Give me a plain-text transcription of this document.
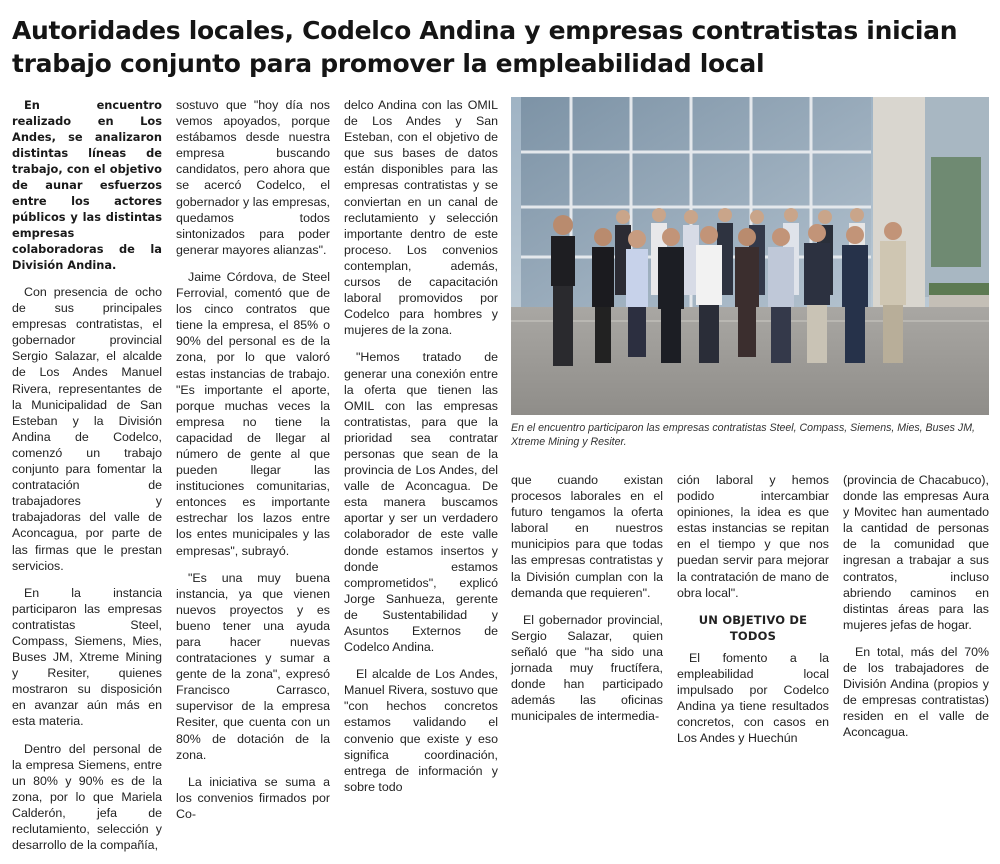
Autoridades locales, Codelco Andina y empresas contratistas inician trabajo conjunto para promover la empleabilidad local

En encuentro realizado en Los Andes, se analizaron distintas líneas de trabajo, con el objetivo de aunar esfuerzos entre los actores públicos y las distintas empresas colaboradoras de la División Andina.

Con presencia de ocho de sus principales empresas contratistas, el gobernador provincial Sergio Salazar, el alcalde de Los Andes Manuel Rivera, representantes de la Municipalidad de San Esteban y la División Andina de Codelco, comenzó un trabajo conjunto para fomentar la contratación de trabajadores y trabajadoras del valle de Aconcagua, por parte de las firmas que le prestan servicios.

En la instancia participaron las empresas contratistas Steel, Compass, Siemens, Mies, Buses JM, Xtreme Mining y Resiter, quienes mostraron su disposición en avanzar aún más en esta materia.

Dentro del personal de la empresa Siemens, entre un 80% y 90% es de la zona, por lo que Mariela Calderón, jefa de reclutamiento, selección y desarrollo de la compañía,

sostuvo que "hoy día nos vemos apoyados, porque estábamos desde nuestra empresa buscando candidatos, pero ahora que se acercó Codelco, el gobernador y las empresas, quedamos todos sintonizados para poder generar mayores alianzas".

Jaime Córdova, de Steel Ferrovial, comentó que de los cinco contratos que tiene la empresa, el 85% o 90% del personal es de la zona, por lo que valoró estas instancias de trabajo. "Es importante el aporte, porque muchas veces la empresa no tiene la capacidad de llegar al número de gente al que pueden llegar las instituciones comunitarias, entonces es importante estrechar los lazos entre los entes municipales y las empresas", subrayó.

"Es una muy buena instancia, ya que vienen nuevos proyectos y es bueno tener una ayuda para hacer nuevas contrataciones y sumar a gente de la zona", expresó Francisco Carrasco, supervisor de la empresa Resiter, que cuenta con un 80% de dotación de la zona.

La iniciativa se suma a los convenios firmados por Co-

delco Andina con las OMIL de Los Andes y San Esteban, con el objetivo de que sus bases de datos están disponibles para las empresas contratistas y se conviertan en un canal de reclutamiento y selección importante dentro de este proceso. Los convenios contemplan, además, cursos de capacitación laboral promovidos por Codelco para hombres y mujeres de la zona.

"Hemos tratado de generar una conexión entre la oferta que tienen las OMIL con las empresas contratistas, para que la prioridad sea contratar personas que sean de la provincia de Los Andes, del valle de Aconcagua. De esta manera buscamos aportar y ser un verdadero colaborador de este valle donde estamos insertos y donde estamos comprometidos", explicó Jorge Sanhueza, gerente de Sustentabilidad y Asuntos Externos de Codelco Andina.

El alcalde de Los Andes, Manuel Rivera, sostuvo que "con hechos concretos estamos validando el convenio que existe y eso significa coordinación, entrega de información y sobre todo

En el encuentro participaron las empresas contratistas Steel, Compass, Siemens, Mies, Buses JM, Xtreme Mining y Resiter.

que cuando existan procesos laborales en el futuro tengamos la oferta laboral en nuestros municipios para que todas las empresas contratistas y la División cumplan con la demanda que requieren".

El gobernador provincial, Sergio Salazar, quien señaló que "ha sido una jornada muy fructífera, donde han participado además las oficinas municipales de intermedia-

ción laboral y hemos podido intercambiar opiniones, la idea es que estas instancias se repitan en el tiempo y que nos puedan servir para mejorar la contratación de mano de obra local".

UN OBJETIVO DE TODOS

El fomento a la empleabilidad local impulsado por Codelco Andina ya tiene resultados concretos, con casos en Los Andes y Huechún

(provincia de Chacabuco), donde las empresas Aura y Movitec han aumentado la cantidad de personas de la comunidad que ingresan a trabajar a sus contratos, incluso abriendo caminos en distintas áreas para las mujeres jefas de hogar.

En total, más del 70% de los trabajadores de División Andina (propios y de empresas contratistas) residen en el valle de Aconcagua.
